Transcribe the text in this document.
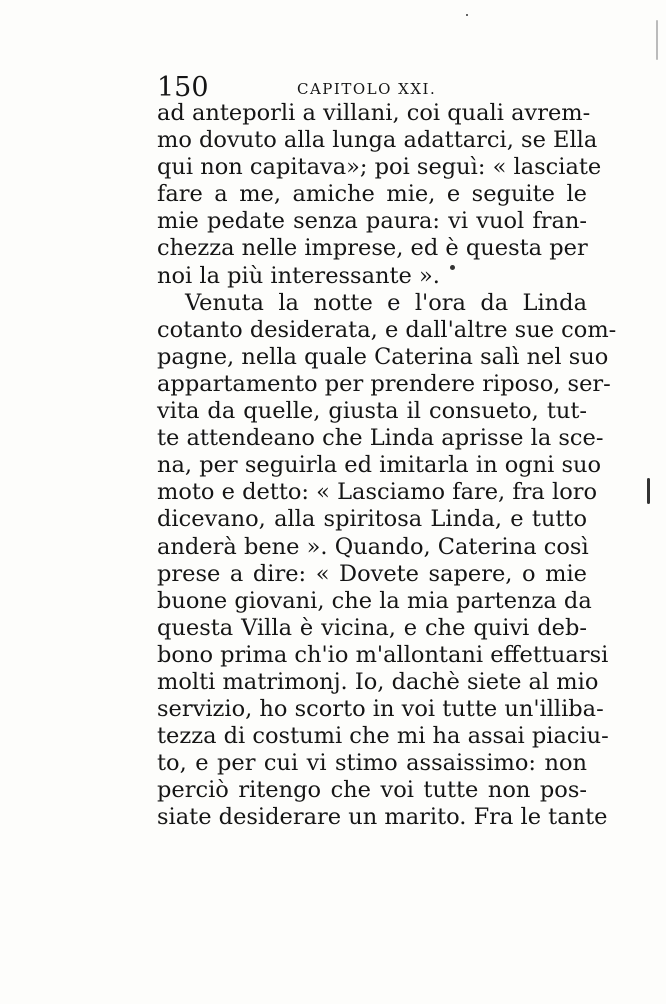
150	CAPITOLO XXI.
ad anteporli a villani, coi quali avrem-
mo dovuto alla lunga adattarci, se Ella
qui non capitava»; poi seguì: « lasciate
fare a me, amiche mie, e seguite le
mie pedate senza paura: vi vuol fran-
chezza nelle imprese, ed è questa per
noi la più interessante ».
Venuta la notte e l'ora da Linda
cotanto desiderata, e dall'altre sue com-
pagne, nella quale Caterina salì nel suo
appartamento per prendere riposo, ser-
vita da quelle, giusta il consueto, tut-
te attendeano che Linda aprisse la sce-
na, per seguirla ed imitarla in ogni suo
moto e detto: « Lasciamo fare, fra loro
dicevano, alla spiritosa Linda, e tutto
anderà bene ». Quando, Caterina così
prese a dire: « Dovete sapere, o mie
buone giovani, che la mia partenza da
questa Villa è vicina, e che quivi deb-
bono prima ch'io m'allontani effettuarsi
molti matrimonj. Io, dachè siete al mio
servizio, ho scorto in voi tutte un'illiba-
tezza di costumi che mi ha assai piaciu-
to, e per cui vi stimo assaissimo: non
perciò ritengo che voi tutte non pos-
siate desiderare un marito. Fra le tante
